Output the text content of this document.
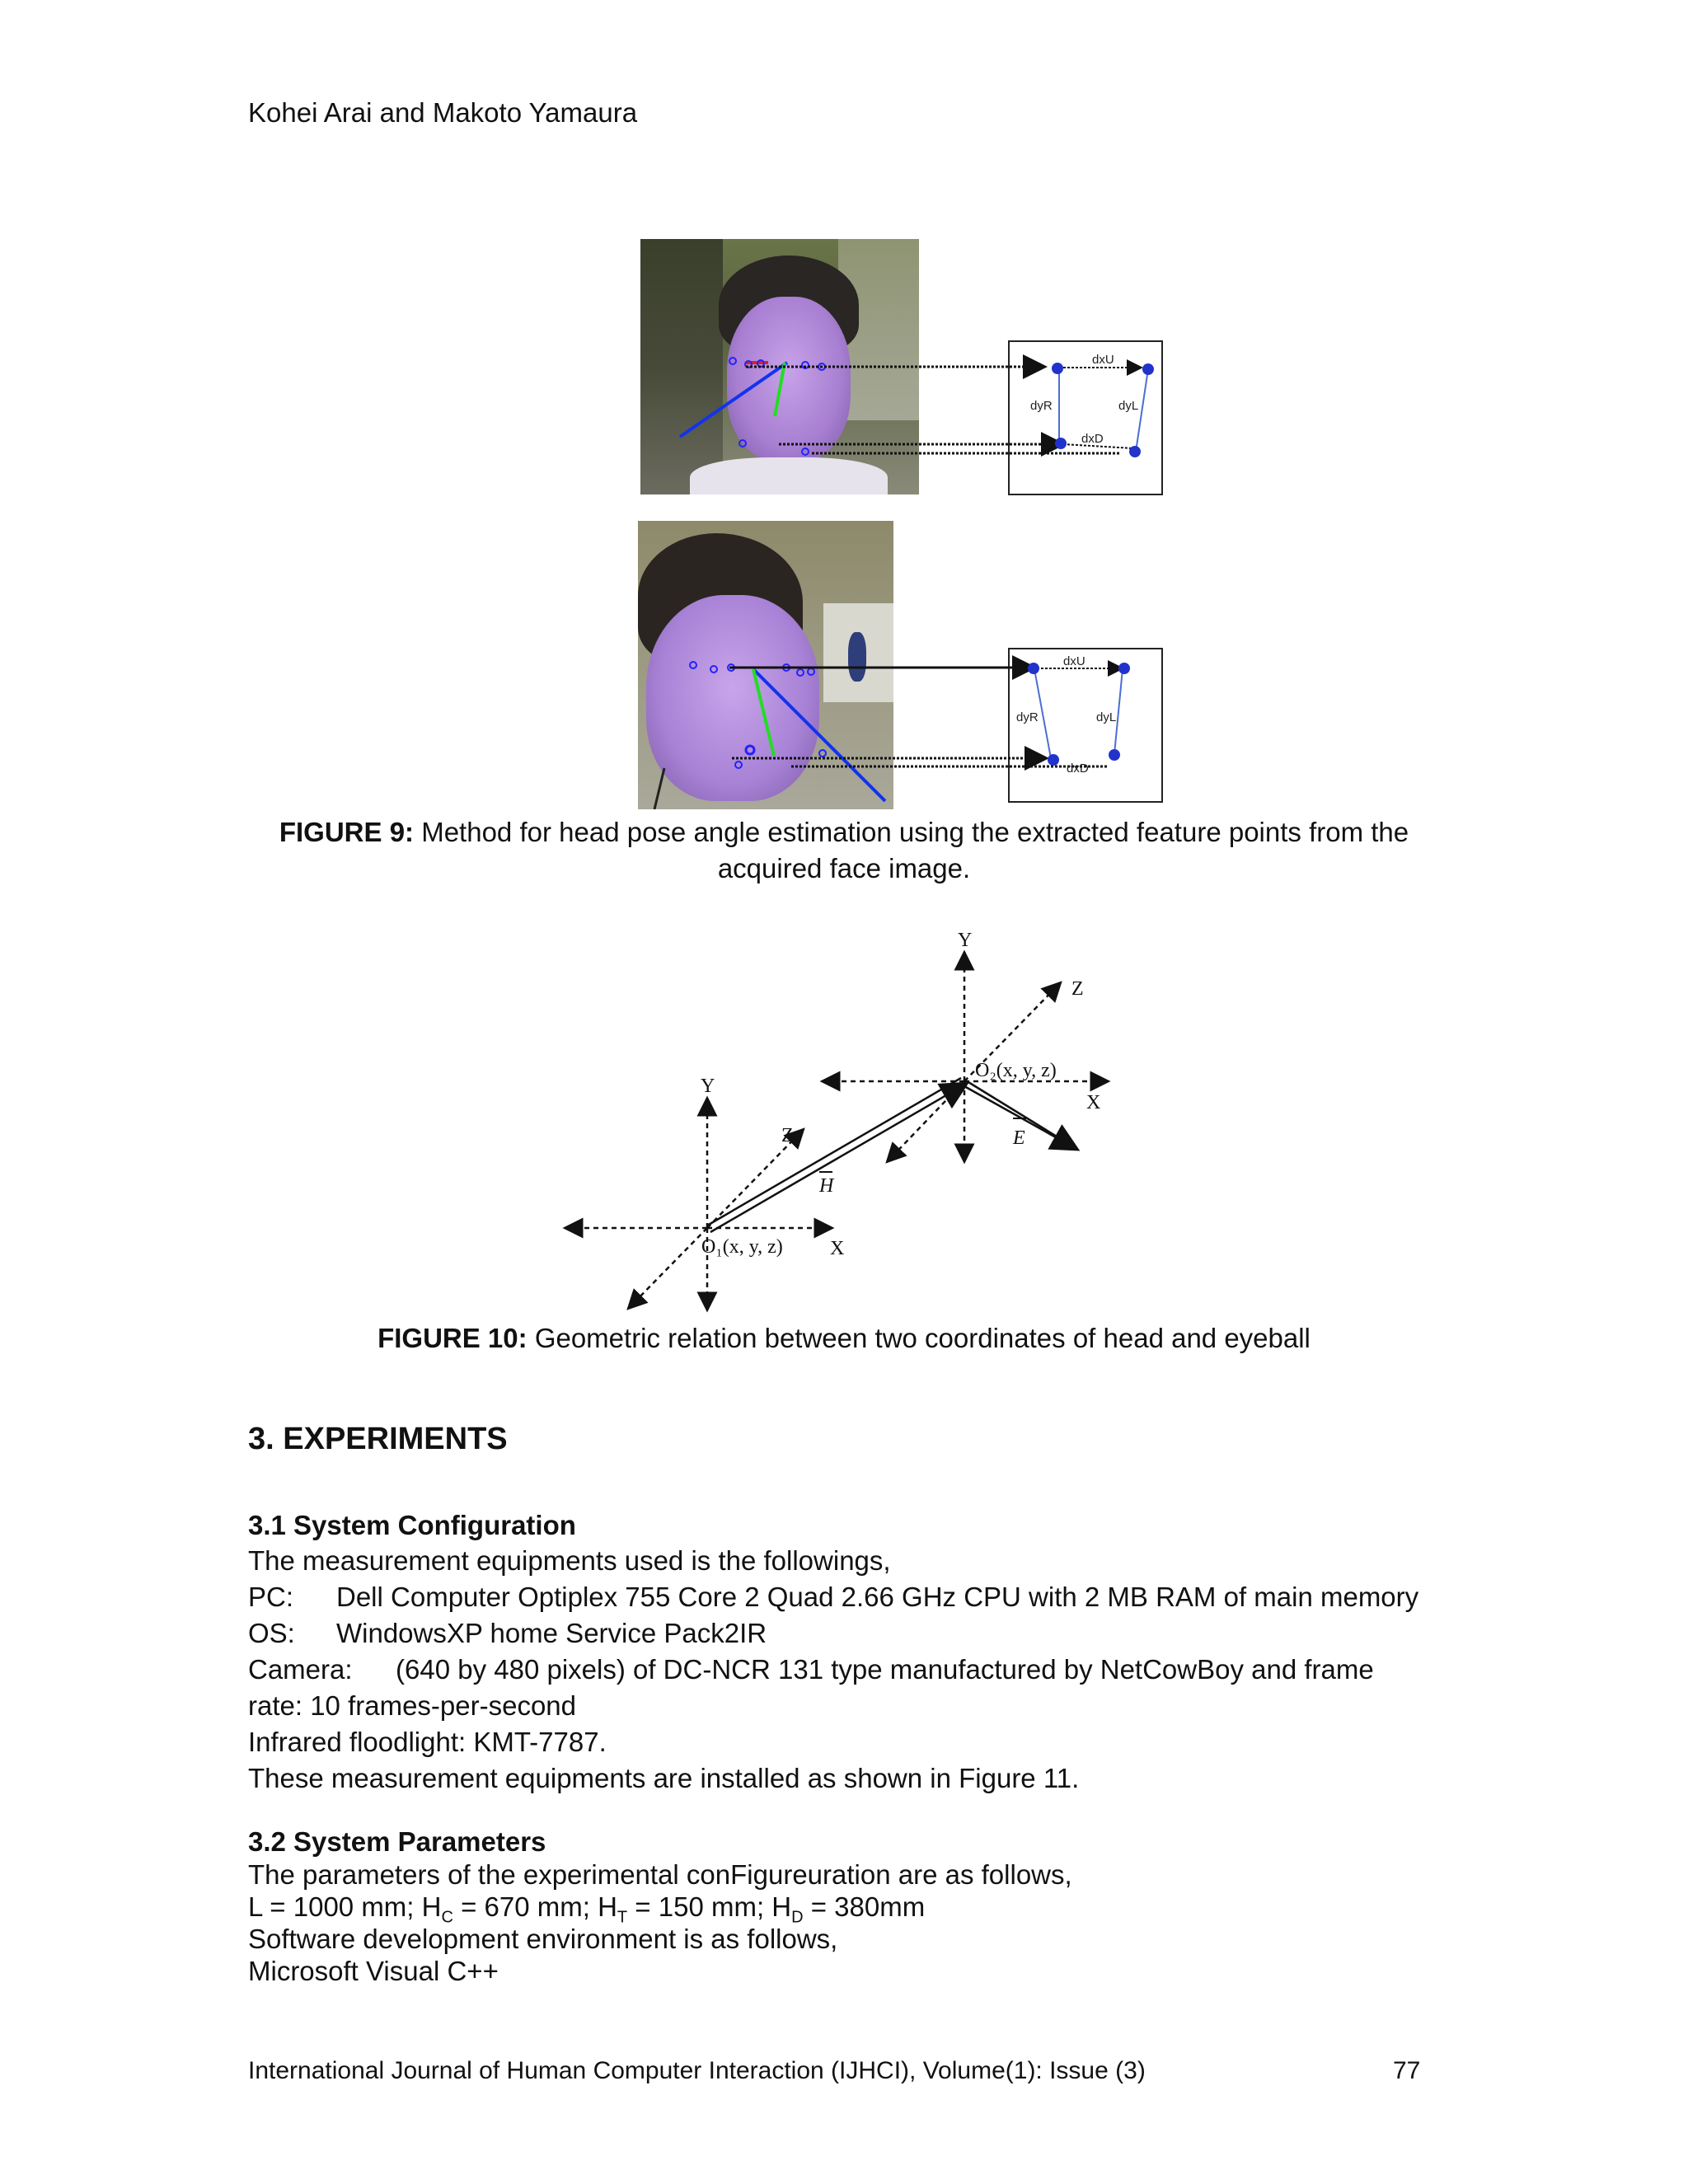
Kohei Arai and Makoto Yamaura
dxU
dyR	dyL
dxD
dxU
dyR	dyL
dxD
FIGURE 9: Method for head pose angle estimation using the extracted feature points from the acquired face image.
Y
Z
X
O₁(x, y, z)
Y
Z
X
O₂(x, y, z)
H
E
FIGURE 10: Geometric relation between two coordinates of head and eyeball
3. EXPERIMENTS
3.1 System Configuration
The measurement equipments used is the followings,
PC: Dell Computer Optiplex 755 Core 2 Quad 2.66 GHz CPU with 2 MB RAM of main memory
OS: WindowsXP home Service Pack2IR
Camera: (640 by 480 pixels) of DC-NCR 131 type manufactured by NetCowBoy and frame
rate: 10 frames-per-second
Infrared floodlight: KMT-7787.
These measurement equipments are installed as shown in Figure 11.
3.2 System Parameters
The parameters of the experimental conFigureuration are as follows,
L = 1000 mm; $H_C = 670$ mm; $H_T = 150$ mm; $H_D = 380mm$
Software development environment is as follows,
Microsoft Visual C++
International Journal of Human Computer Interaction (IJHCI), Volume(1): Issue (3)	77
